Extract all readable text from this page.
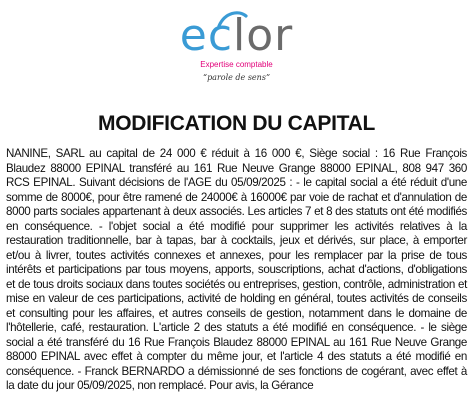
eclor
Expertise comptable
“parole de sens”
MODIFICATION DU CAPITAL

NANINE, SARL au capital de 24 000 € réduit à 16 000 €, Siège social : 16 Rue François Blaudez 88000 EPINAL transféré au 161 Rue Neuve Grange 88000 EPINAL, 808 947 360 RCS EPINAL. Suivant décisions de l'AGE du 05/09/2025 : - le capital social a été réduit d'une somme de 8000€, pour être ramené de 24000€ à 16000€ par voie de rachat et d'annulation de 8000 parts sociales appartenant à deux associés. Les articles 7 et 8 des statuts ont été modifiés en conséquence. - l'objet social a été modifié pour supprimer les activités relatives à la restauration traditionnelle, bar à tapas, bar à cocktails, jeux et dérivés, sur place, à emporter et/ou à livrer, toutes activités connexes et annexes, pour les remplacer par la prise de tous intérêts et participations par tous moyens, apports, souscriptions, achat d'actions, d'obligations et de tous droits sociaux dans toutes sociétés ou entreprises, gestion, contrôle, administration et mise en valeur de ces participations, activité de holding en général, toutes activités de conseils et consulting pour les affaires, et autres conseils de gestion, notamment dans le domaine de l'hôtellerie, café, restauration. L'article 2 des statuts a été modifié en conséquence. - le siège social a été transféré du 16 Rue François Blaudez 88000 EPINAL au 161 Rue Neuve Grange 88000 EPINAL avec effet à compter du même jour, et l'article 4 des statuts a été modifié en conséquence. - Franck BERNARDO a démissionné de ses fonctions de cogérant, avec effet à la date du jour 05/09/2025, non remplacé. Pour avis, la Gérance
